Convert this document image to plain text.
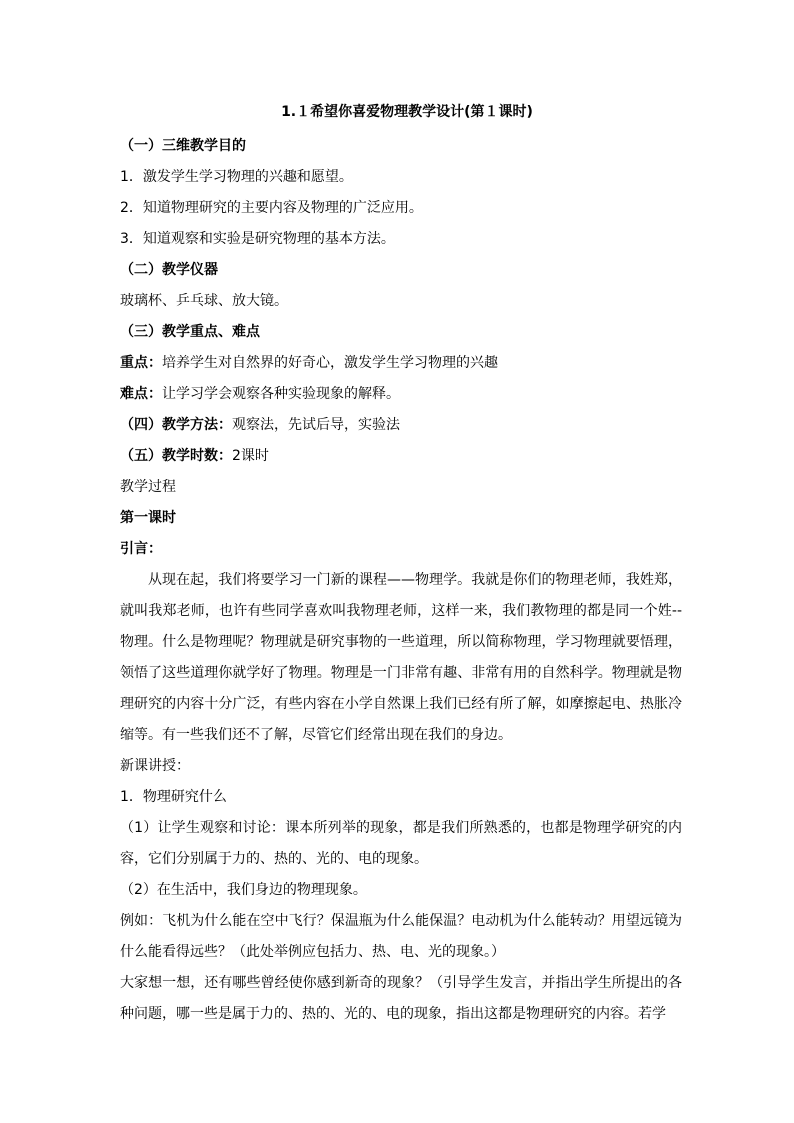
1.１希望你喜爱物理教学设计(第１课时)
（一）三维教学目的
1．激发学生学习物理的兴趣和愿望。
2．知道物理研究的主要内容及物理的广泛应用。
3．知道观察和实验是研究物理的基本方法。
（二）教学仪器
玻璃杯、乒乓球、放大镜。
（三）教学重点、难点
重点：培养学生对自然界的好奇心，激发学生学习物理的兴趣
难点：让学习学会观察各种实验现象的解释。
（四）教学方法：观察法，先试后导，实验法
（五）教学时数：2课时
教学过程
第一课时
引言：

从现在起，我们将要学习一门新的课程——物理学。我就是你们的物理老师，我姓郑，就叫我郑老师，也许有些同学喜欢叫我物理老师，这样一来，我们教物理的都是同一个姓--物理。什么是物理呢？物理就是研究事物的一些道理，所以简称物理，学习物理就要悟理，领悟了这些道理你就学好了物理。物理是一门非常有趣、非常有用的自然科学。物理就是物理研究的内容十分广泛，有些内容在小学自然课上我们已经有所了解，如摩擦起电、热胀冷缩等。有一些我们还不了解，尽管它们经常出现在我们的身边。

新课讲授：
1．物理研究什么

（1）让学生观察和讨论：课本所列举的现象，都是我们所熟悉的，也都是物理学研究的内容，它们分别属于力的、热的、光的、电的现象。

（2）在生活中，我们身边的物理现象。

例如：飞机为什么能在空中飞行？保温瓶为什么能保温？电动机为什么能转动？用望远镜为什么能看得远些？（此处举例应包括力、热、电、光的现象。）

大家想一想，还有哪些曾经使你感到新奇的现象？（引导学生发言，并指出学生所提出的各种问题，哪一些是属于力的、热的、光的、电的现象，指出这都是物理研究的内容。若学
